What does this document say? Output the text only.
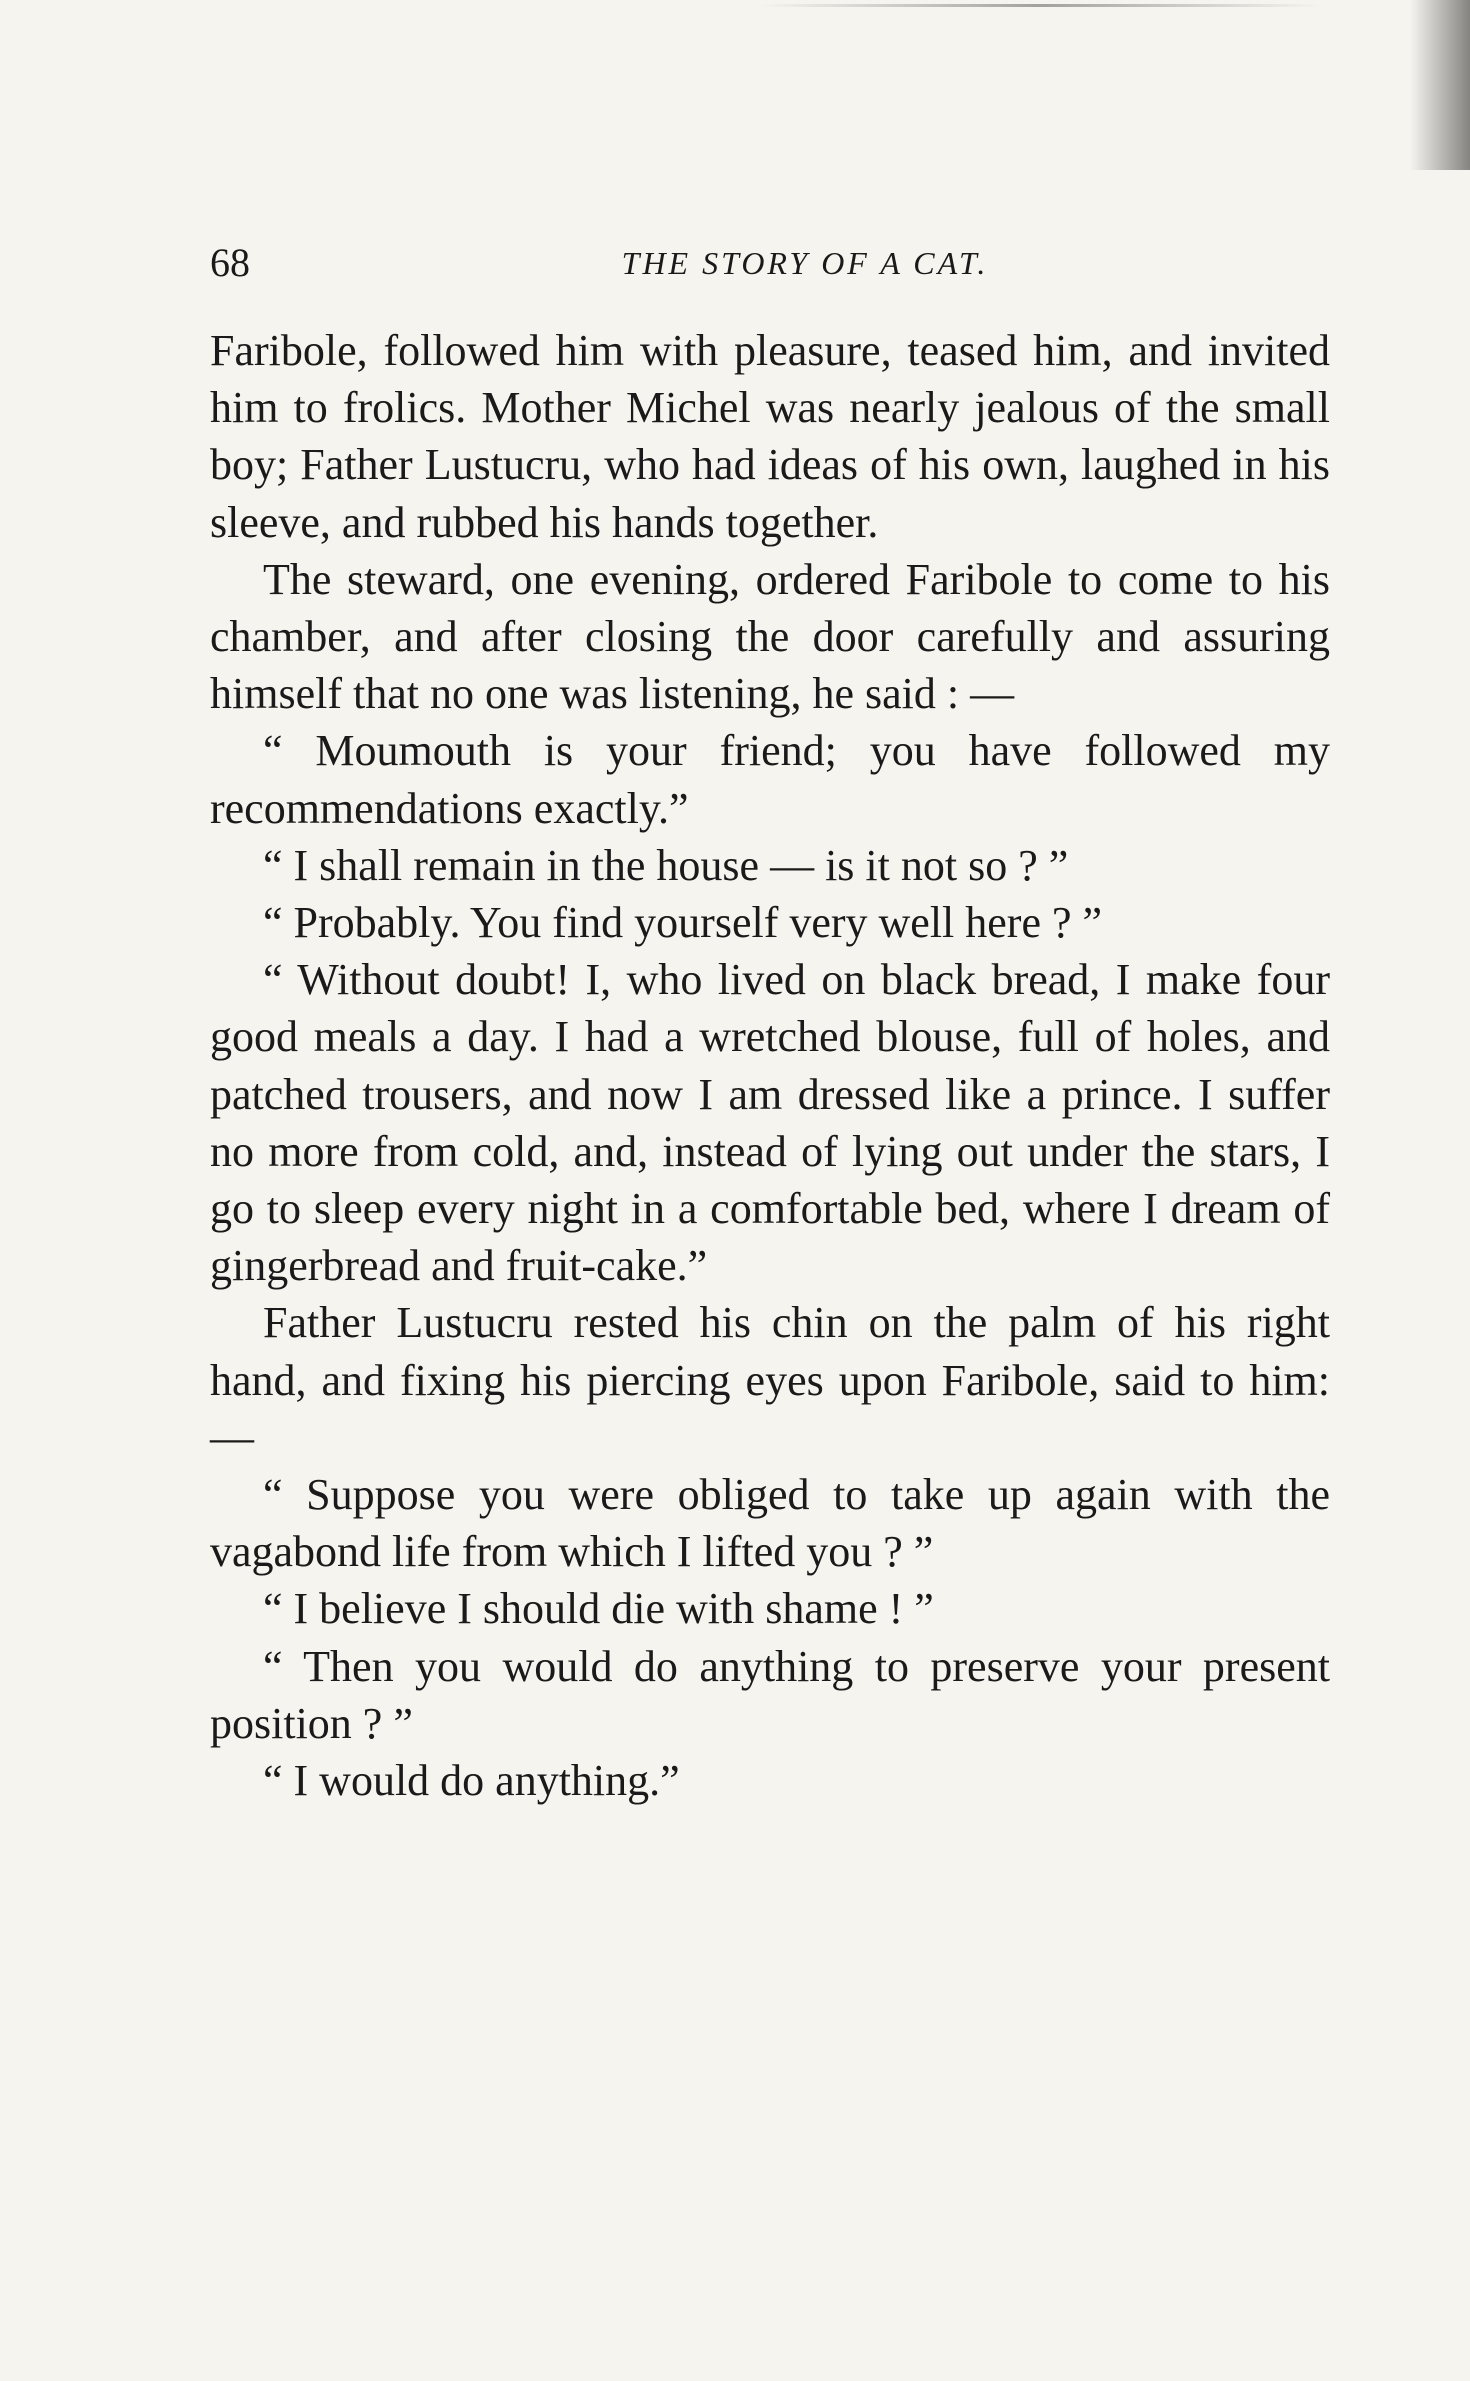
68	THE STORY OF A CAT.

Faribole, followed him with pleasure, teased him, and invited him to frolics. Mother Michel was nearly jealous of the small boy; Father Lustucru, who had ideas of his own, laughed in his sleeve, and rubbed his hands together.

The steward, one evening, ordered Faribole to come to his chamber, and after closing the door carefully and assuring himself that no one was listening, he said : —

“ Moumouth is your friend; you have followed my recommendations exactly.”

“ I shall remain in the house — is it not so ? ”

“ Probably. You find yourself very well here ? ”

“ Without doubt! I, who lived on black bread, I make four good meals a day. I had a wretched blouse, full of holes, and patched trousers, and now I am dressed like a prince. I suffer no more from cold, and, instead of lying out under the stars, I go to sleep every night in a comfortable bed, where I dream of gingerbread and fruit-cake.”

Father Lustucru rested his chin on the palm of his right hand, and fixing his piercing eyes upon Faribole, said to him: —

“ Suppose you were obliged to take up again with the vagabond life from which I lifted you ? ”

“ I believe I should die with shame ! ”

“ Then you would do anything to preserve your present position ? ”

“ I would do anything.”
